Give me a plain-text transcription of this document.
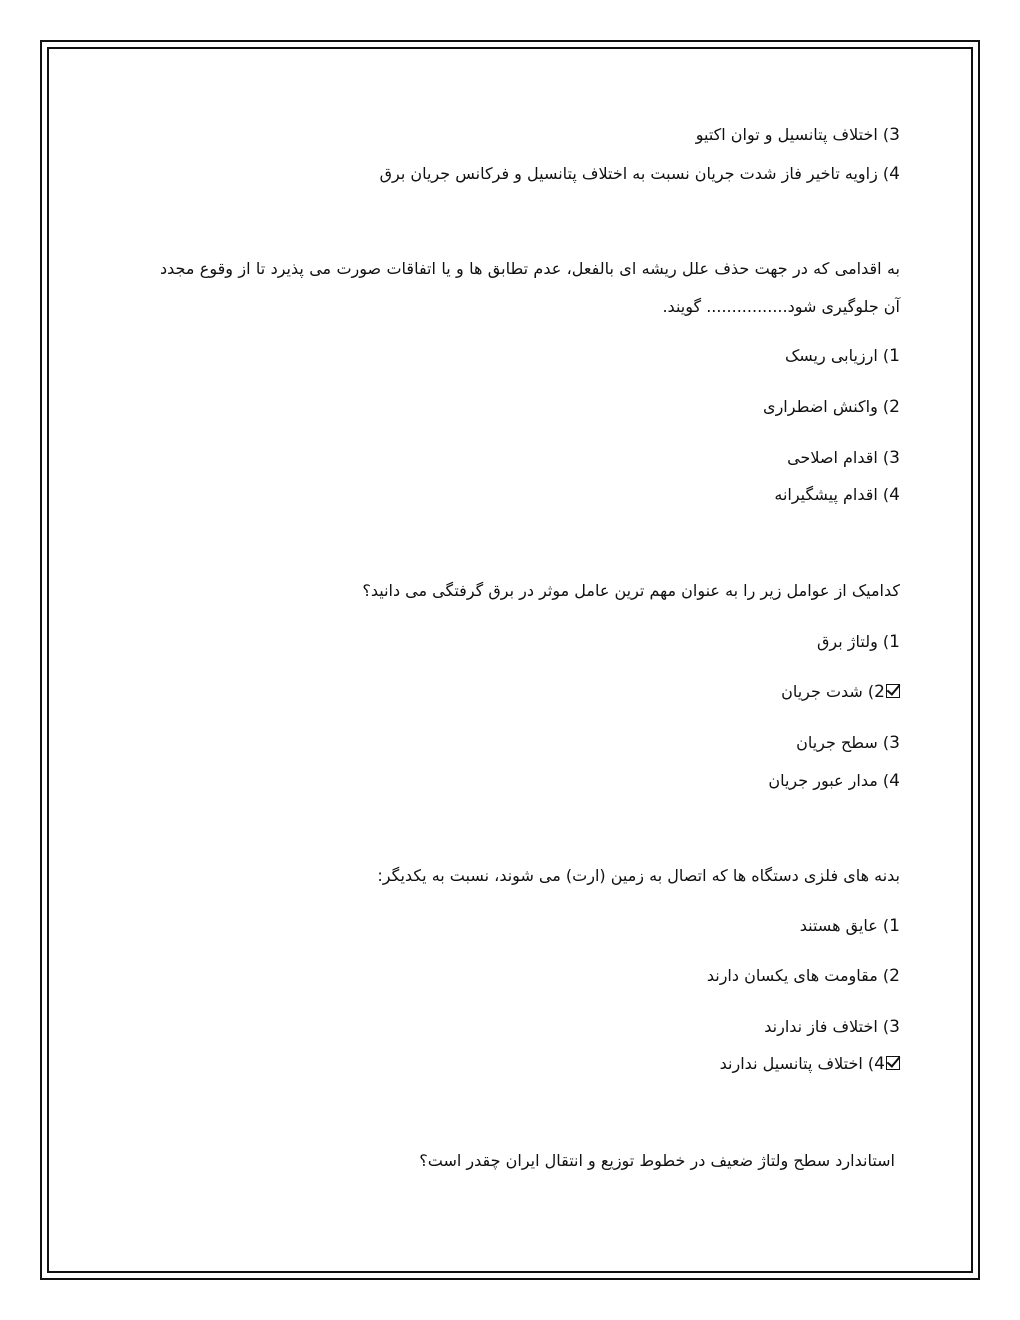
3) اختلاف پتانسیل و توان اکتیو
4) زاویه تاخیر فاز شدت جریان نسبت به اختلاف پتانسیل و فرکانس جریان برق
به اقدامی که در جهت حذف علل ریشه ای بالفعل، عدم تطابق ها و یا اتفاقات صورت می پذیرد تا از وقوع مجدد آن جلوگیری شود................ گویند.
1) ارزیابی ریسک
2) واکنش اضطراری
3) اقدام اصلاحی
4) اقدام پیشگیرانه
کدامیک از عوامل زیر را به عنوان مهم ترین عامل موثر در برق گرفتگی می دانید؟
1) ولتاژ برق
2) شدت جریان
3) سطح جریان
4) مدار عبور جریان
بدنه های فلزی دستگاه ها که اتصال به زمین (ارت) می شوند، نسبت به یکدیگر:
1) عایق هستند
2) مقاومت های یکسان دارند
3) اختلاف فاز ندارند
4) اختلاف پتانسیل ندارند
استاندارد سطح ولتاژ ضعیف در خطوط توزیع و انتقال ایران چقدر است؟
